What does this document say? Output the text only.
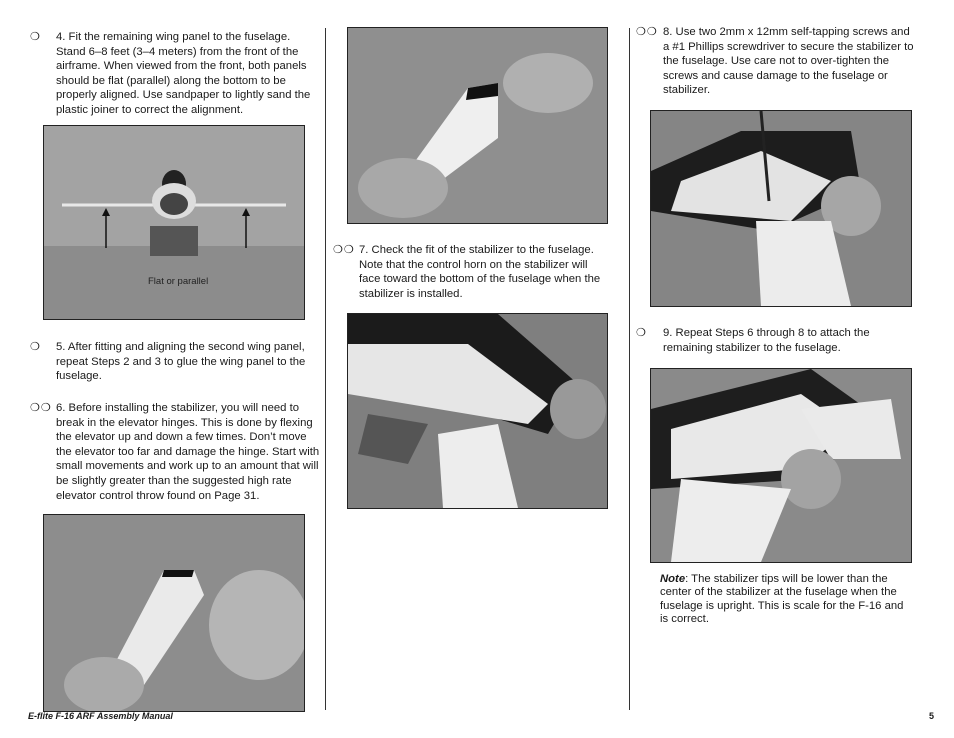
❍ 4. Fit the remaining wing panel to the fuselage. Stand 6–8 feet (3–4 meters) from the front of the airframe. When viewed from the front, both panels should be flat (parallel) along the bottom to be properly aligned. Use sandpaper to lightly sand the plastic joiner to correct the alignment.
Flat or parallel
❍ 5. After fitting and aligning the second wing panel, repeat Steps 2 and 3 to glue the wing panel to the fuselage.
❍❍ 6. Before installing the stabilizer, you will need to break in the elevator hinges. This is done by flexing the elevator up and down a few times. Don’t move the elevator too far and damage the hinge. Start with small movements and work up to an amount that will be slightly greater than the suggested high rate elevator control throw found on Page 31.
❍❍ 7. Check the fit of the stabilizer to the fuselage. Note that the control horn on the stabilizer will face toward the bottom of the fuselage when the stabilizer is installed.
❍❍ 8. Use two 2mm x 12mm self-tapping screws and a #1 Phillips screwdriver to secure the stabilizer to the fuselage. Use care not to over-tighten the screws and cause damage to the fuselage or stabilizer.
❍ 9. Repeat Steps 6 through 8 to attach the remaining stabilizer to the fuselage.
Note: The stabilizer tips will be lower than the center of the stabilizer at the fuselage when the fuselage is upright. This is scale for the F-16 and is correct.
E-flite F-16 ARF Assembly Manual	5
